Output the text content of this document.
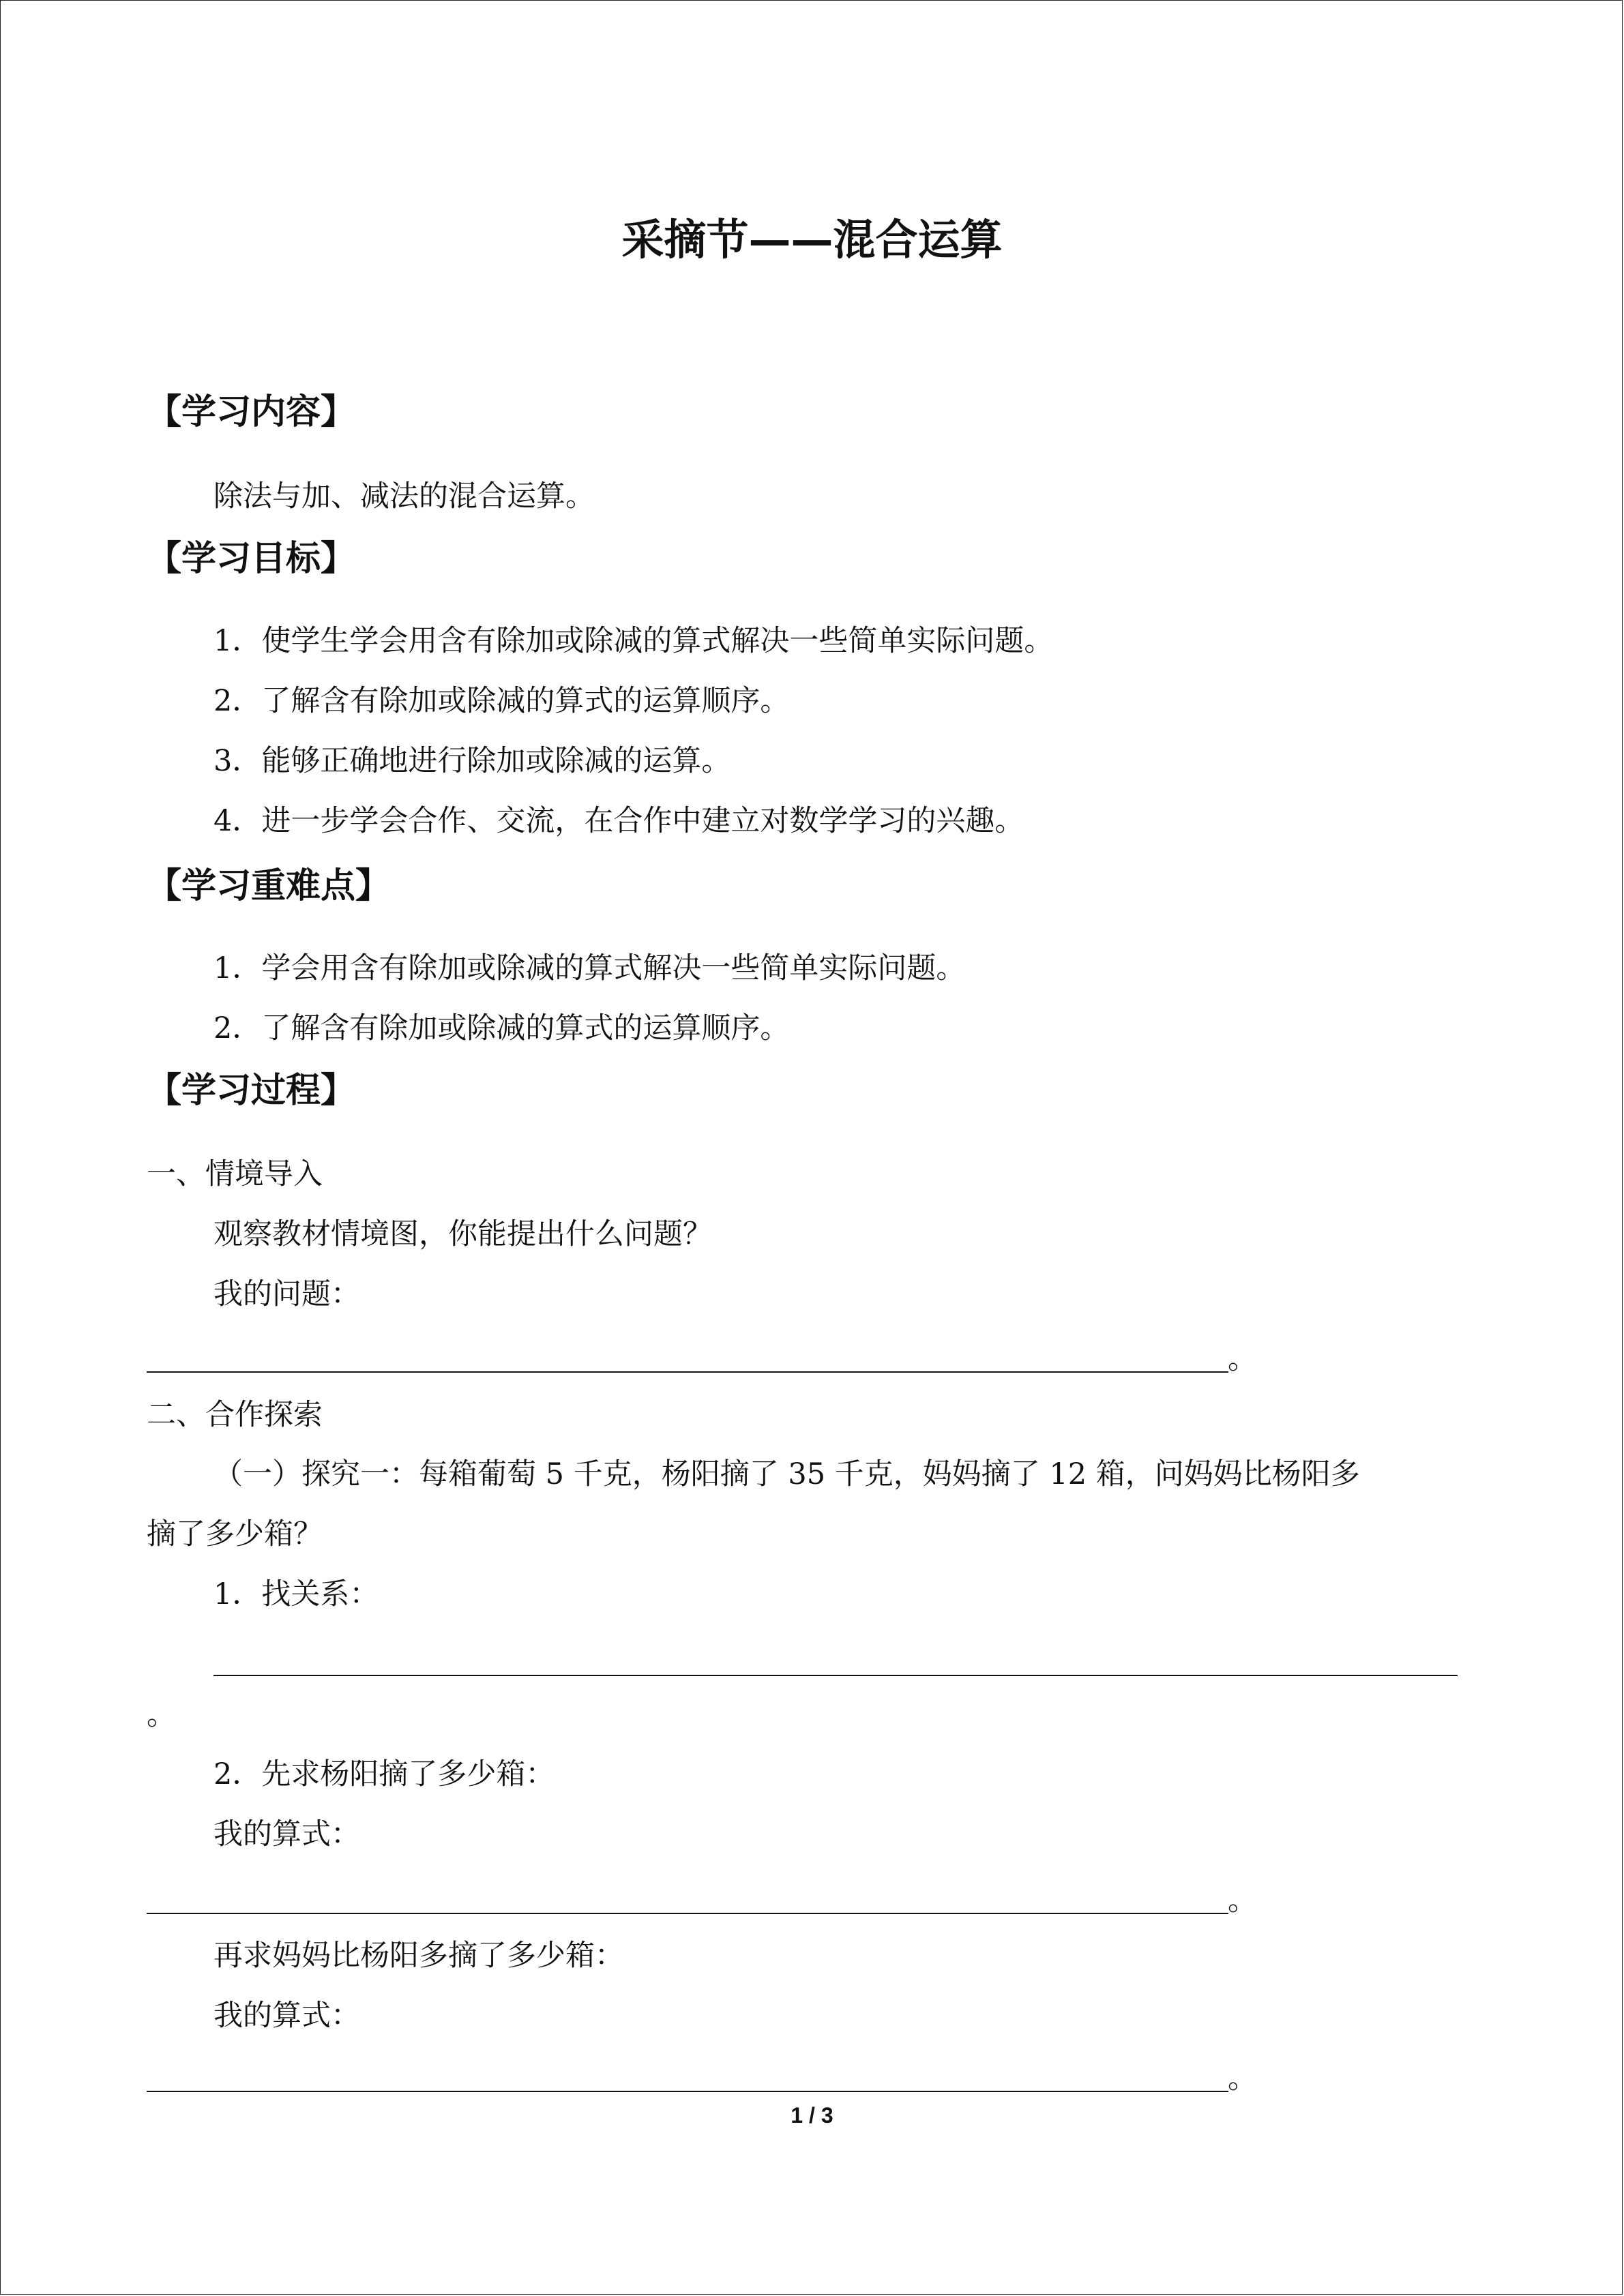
采摘节——混合运算
【学习内容】
除法与加、减法的混合运算。
【学习目标】
1．使学生学会用含有除加或除减的算式解决一些简单实际问题。
2．了解含有除加或除减的算式的运算顺序。
3．能够正确地进行除加或除减的运算。
4．进一步学会合作、交流，在合作中建立对数学学习的兴趣。
【学习重难点】
1．学会用含有除加或除减的算式解决一些简单实际问题。
2．了解含有除加或除减的算式的运算顺序。
【学习过程】
一、情境导入
观察教材情境图，你能提出什么问题？
我的问题：
。
二、合作探索
（一）探究一：每箱葡萄 5 千克，杨阳摘了 35 千克，妈妈摘了 12 箱，问妈妈比杨阳多
摘了多少箱？
1．找关系：
。
2．先求杨阳摘了多少箱：
我的算式：
。
再求妈妈比杨阳多摘了多少箱：
我的算式：
。
1 / 3
